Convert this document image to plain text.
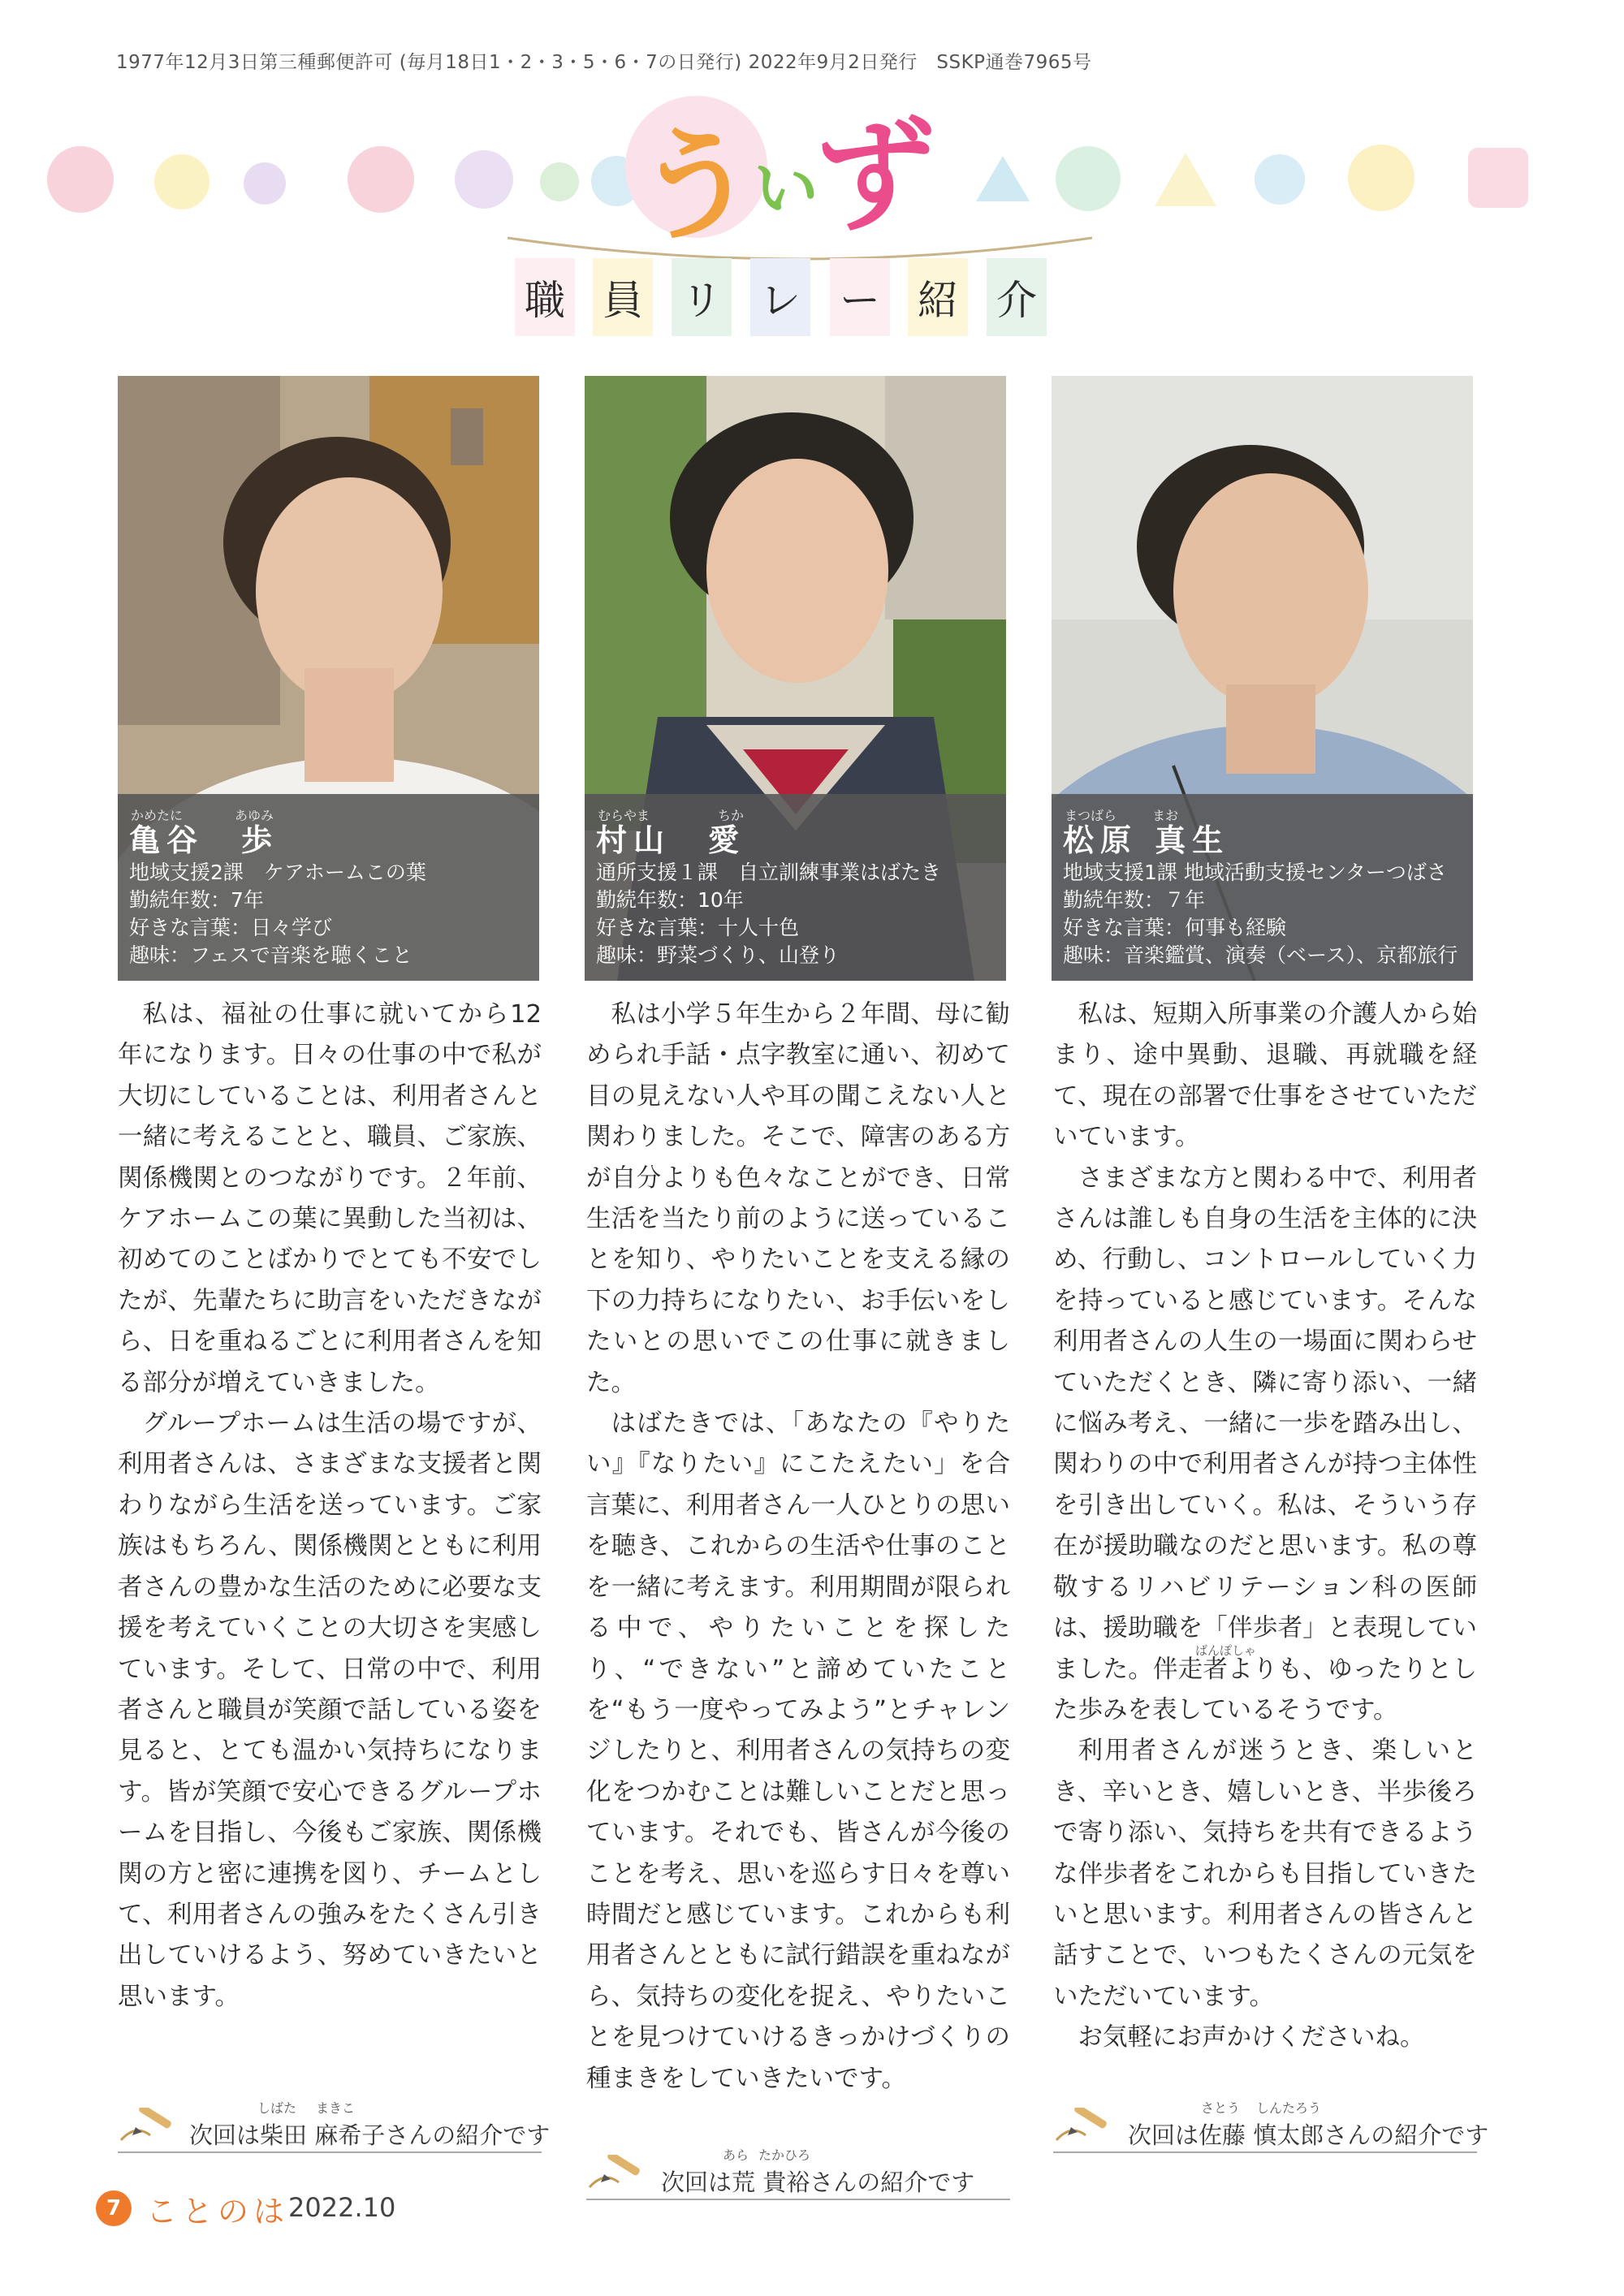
1977年12月3日第三種郵便許可 (毎月18日1・2・3・5・6・7の日発行) 2022年9月2日発行　SSKP通巻7965号
う
い
ず
職 員 リ レ ー 紹 介
かめたに	あゆみ
亀谷　歩
地域支援2課　ケアホームこの葉
勤続年数：7年
好きな言葉：日々学び
趣味：フェスで音楽を聴くこと
むらやま	ちか
村山　愛
通所支援１課　自立訓練事業はばたき
勤続年数：10年
好きな言葉：十人十色
趣味：野菜づくり、山登り
まつばら	まお
松原 真生
地域支援1課 地域活動支援センターつばさ
勤続年数：７年
好きな言葉：何事も経験
趣味：音楽鑑賞、演奏（ベース）、京都旅行

私は、福祉の仕事に就いてから12年になります。日々の仕事の中で私が大切にしていることは、利用者さんと一緒に考えることと、職員、ご家族、関係機関とのつながりです。２年前、ケアホームこの葉に異動した当初は、初めてのことばかりでとても不安でしたが、先輩たちに助言をいただきながら、日を重ねるごとに利用者さんを知る部分が増えていきました。

グループホームは生活の場ですが、利用者さんは、さまざまな支援者と関わりながら生活を送っています。ご家族はもちろん、関係機関とともに利用者さんの豊かな生活のために必要な支援を考えていくことの大切さを実感しています。そして、日常の中で、利用者さんと職員が笑顔で話している姿を見ると、とても温かい気持ちになります。皆が笑顔で安心できるグループホームを目指し、今後もご家族、関係機関の方と密に連携を図り、チームとして、利用者さんの強みをたくさん引き出していけるよう、努めていきたいと思います。

私は小学５年生から２年間、母に勧められ手話・点字教室に通い、初めて目の見えない人や耳の聞こえない人と関わりました。そこで、障害のある方が自分よりも色々なことができ、日常生活を当たり前のように送っていることを知り、やりたいことを支える縁の下の力持ちになりたい、お手伝いをしたいとの思いでこの仕事に就きました。

はばたきでは、「あなたの『やりたい』『なりたい』にこたえたい」を合言葉に、利用者さん一人ひとりの思いを聴き、これからの生活や仕事のことを一緒に考えます。利用期間が限られる中で、やりたいことを探したり、“できない”と諦めていたことを“もう一度やってみよう”とチャレンジしたりと、利用者さんの気持ちの変化をつかむことは難しいことだと思っています。それでも、皆さんが今後のことを考え、思いを巡らす日々を尊い時間だと感じています。これからも利用者さんとともに試行錯誤を重ねながら、気持ちの変化を捉え、やりたいことを見つけていけるきっかけづくりの種まきをしていきたいです。

私は、短期入所事業の介護人から始まり、途中異動、退職、再就職を経て、現在の部署で仕事をさせていただいています。

さまざまな方と関わる中で、利用者さんは誰しも自身の生活を主体的に決め、行動し、コントロールしていく力を持っていると感じています。そんな利用者さんの人生の一場面に関わらせていただくとき、隣に寄り添い、一緒に悩み考え、一緒に一歩を踏み出し、関わりの中で利用者さんが持つ主体性を引き出していく。私は、そういう存在が援助職なのだと思います。私の尊敬するリハビリテーション科の医師は、援助職を「伴歩者」と表現していました。伴走者よりも、ゆったりとした歩みを表しているそうです。

利用者さんが迷うとき、楽しいとき、辛いとき、嬉しいとき、半歩後ろで寄り添い、気持ちを共有できるような伴歩者をこれからも目指していきたいと思います。利用者さんの皆さんと話すことで、いつもたくさんの元気をいただいています。

お気軽にお声かけくださいね。

ばんぽしゃ
しばた まきこ
次回は柴田 麻希子さんの紹介です
あら たかひろ
次回は荒 貴裕さんの紹介です
さとう しんたろう
次回は佐藤 慎太郎さんの紹介です
7 ことのは
2022.10
